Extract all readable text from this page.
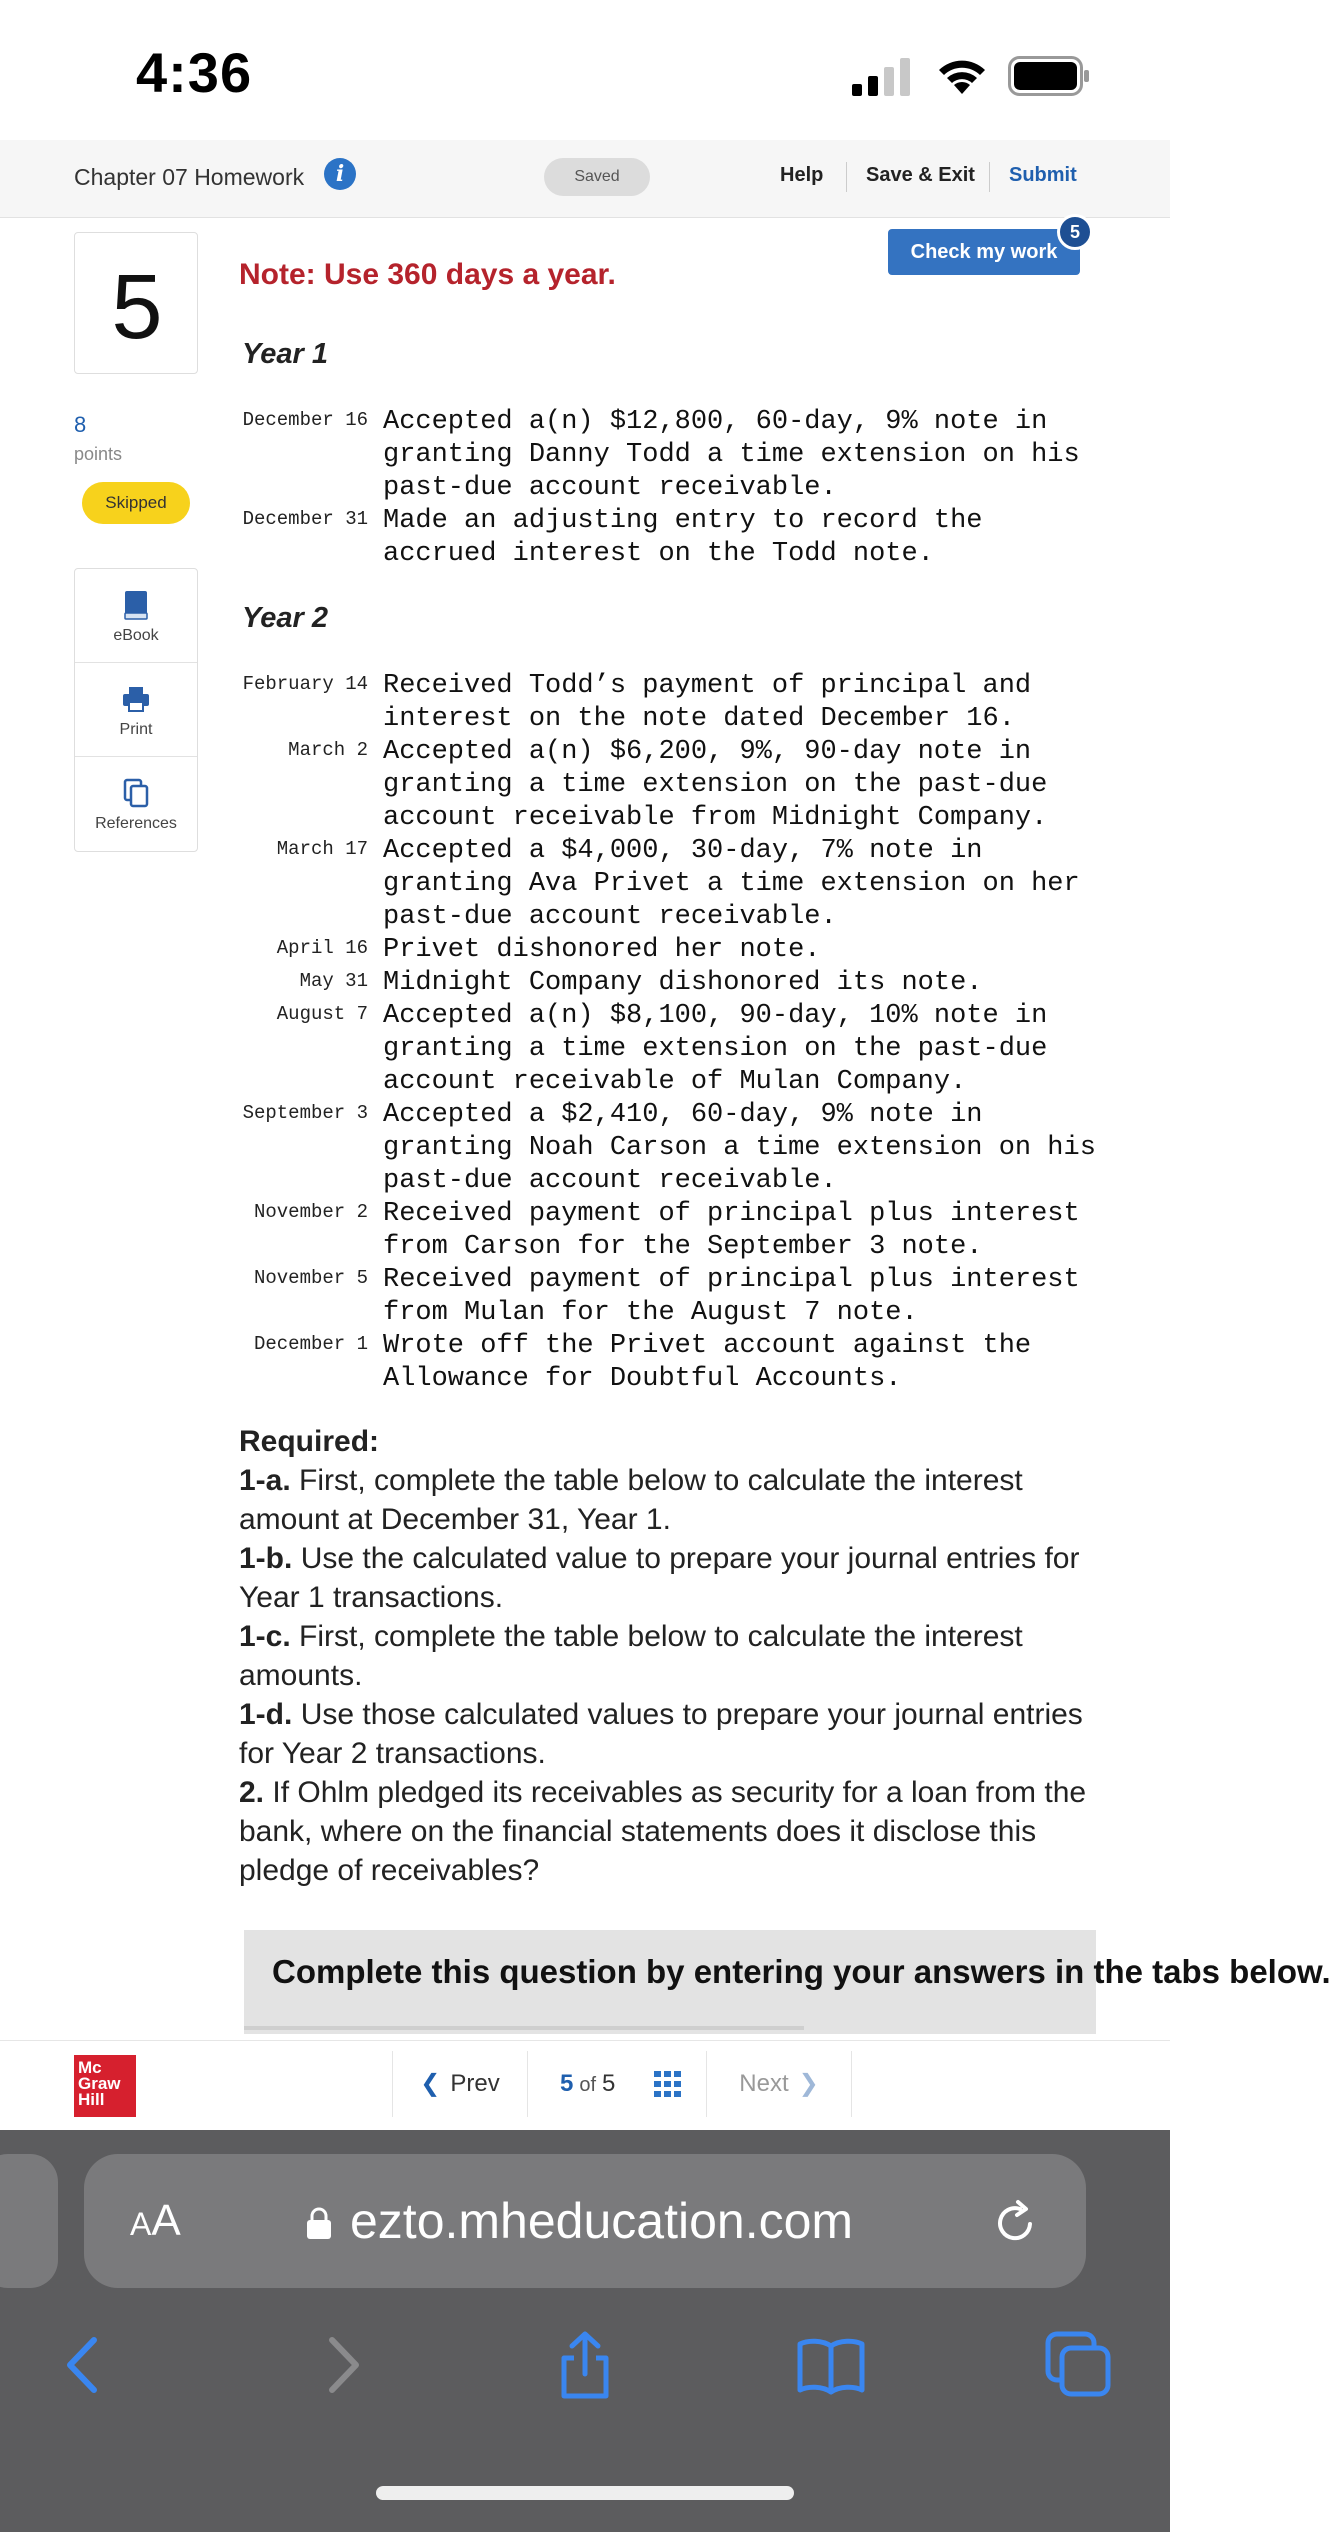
4:36
Chapter 07 Homework	i	Saved	Help Save & Exit Submit
Note: Use 360 days a year.
Year 1
December 16 Accepted a(n) $12,800, 60-day, 9% note in granting Danny Todd a time extension on his past-due account receivable.
December 31 Made an adjusting entry to record the accrued interest on the Todd note.
Year 2
February 14 Received Todd’s payment of principal and interest on the note dated December 16.
March 2 Accepted a(n) $6,200, 9%, 90-day note in granting a time extension on the past-due account receivable from Midnight Company.
March 17 Accepted a $4,000, 30-day, 7% note in granting Ava Privet a time extension on her past-due account receivable.
April 16 Privet dishonored her note.
May 31 Midnight Company dishonored its note.
August 7 Accepted a(n) $8,100, 90-day, 10% note in granting a time extension on the past-due account receivable of Mulan Company.
September 3 Accepted a $2,410, 60-day, 9% note in granting Noah Carson a time extension on his past-due account receivable.
November 2 Received payment of principal plus interest from Carson for the September 3 note.
November 5 Received payment of principal plus interest from Mulan for the August 7 note.
December 1 Wrote off the Privet account against the Allowance for Doubtful Accounts.
Required:
1-a. First, complete the table below to calculate the interest amount at December 31, Year 1.
1-b. Use the calculated value to prepare your journal entries for Year 1 transactions.
1-c. First, complete the table below to calculate the interest amounts.
1-d. Use those calculated values to prepare your journal entries for Year 2 transactions.
2. If Ohlm pledged its receivables as security for a loan from the bank, where on the financial statements does it disclose this pledge of receivables?
Complete this question by entering your answers in the tabs below.
Check my work
5
5
8
points
Skipped
eBook
Print
References
Mc
Graw
Hill
❮ Prev	5 of 5	Next ❯
AA	ezto.mheducation.com
